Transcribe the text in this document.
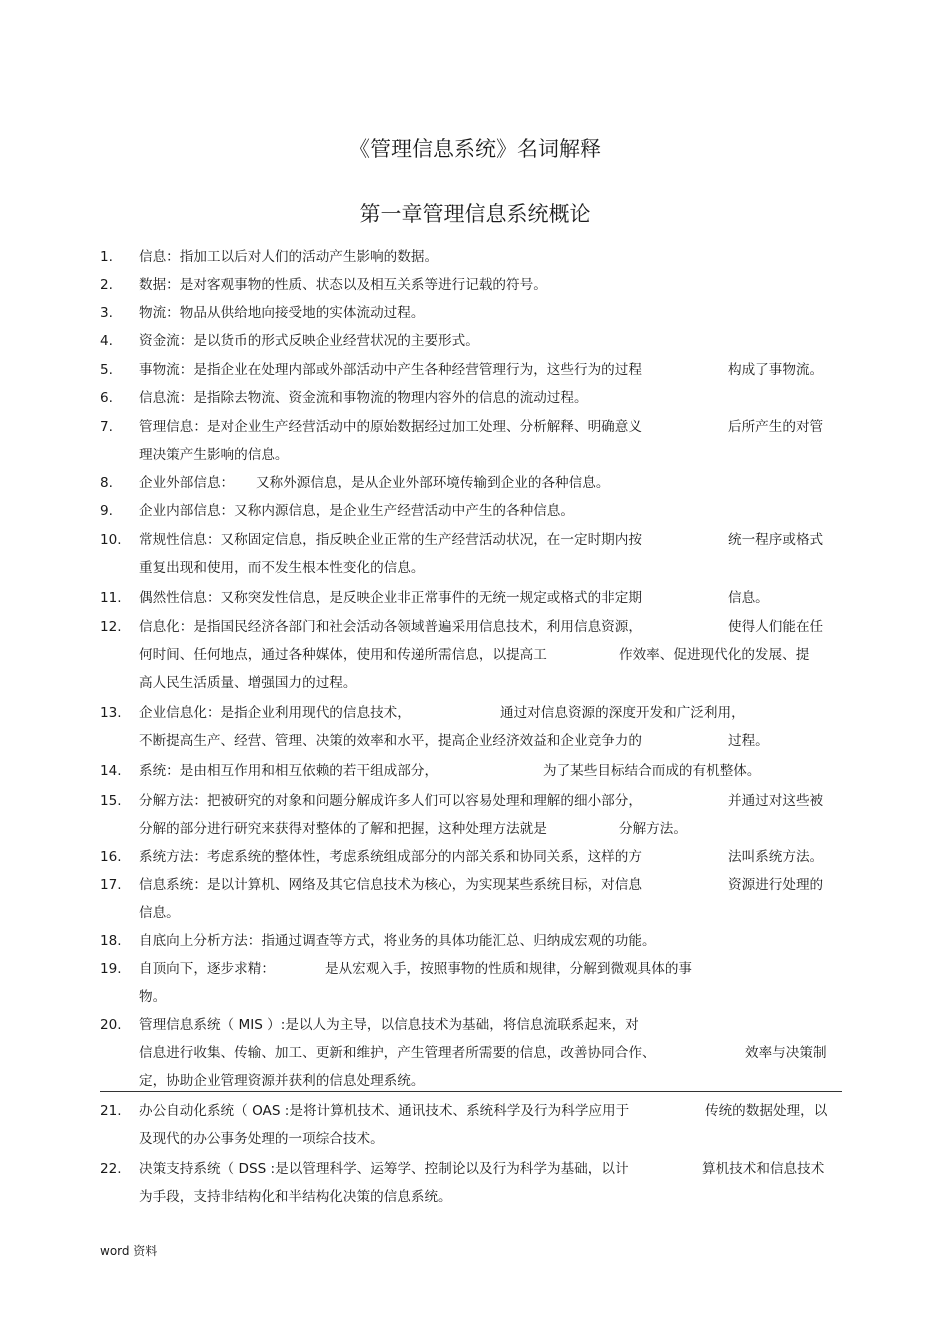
《管理信息系统》名词解释
第一章管理信息系统概论
1.	信息：指加工以后对人们的活动产生影响的数据。
2.	数据：是对客观事物的性质、状态以及相互关系等进行记载的符号。
3.	物流：物品从供给地向接受地的实体流动过程。
4.	资金流：是以货币的形式反映企业经营状况的主要形式。
5.	事物流：是指企业在处理内部或外部活动中产生各种经营管理行为，这些行为的过程	构成了事物流。
6.	信息流：是指除去物流、资金流和事物流的物理内容外的信息的流动过程。
7.	管理信息：是对企业生产经营活动中的原始数据经过加工处理、分析解释、明确意义	后所产生的对管
理决策产生影响的信息。
8.	企业外部信息： 又称外源信息，是从企业外部环境传输到企业的各种信息。
9.	企业内部信息：又称内源信息，是企业生产经营活动中产生的各种信息。
10.	常规性信息：又称固定信息，指反映企业正常的生产经营活动状况，在一定时期内按	统一程序或格式
重复出现和使用，而不发生根本性变化的信息。
11.	偶然性信息：又称突发性信息，是反映企业非正常事件的无统一规定或格式的非定期	信息。
12.	信息化：是指国民经济各部门和社会活动各领域普遍采用信息技术，利用信息资源，	使得人们能在任
何时间、任何地点，通过各种媒体，使用和传递所需信息，以提高工	作效率、促进现代化的发展、提
高人民生活质量、增强国力的过程。
13.	企业信息化：是指企业利用现代的信息技术，	通过对信息资源的深度开发和广泛利用，
不断提高生产、经营、管理、决策的效率和水平，提高企业经济效益和企业竞争力的	过程。
14.	系统：是由相互作用和相互依赖的若干组成部分，	为了某些目标结合而成的有机整体。
15.	分解方法：把被研究的对象和问题分解成许多人们可以容易处理和理解的细小部分，	并通过对这些被
分解的部分进行研究来获得对整体的了解和把握，这种处理方法就是	分解方法。
16.	系统方法：考虑系统的整体性，考虑系统组成部分的内部关系和协同关系，这样的方	法叫系统方法。
17.	信息系统：是以计算机、网络及其它信息技术为核心，为实现某些系统目标，对信息	资源进行处理的
信息。
18.	自底向上分析方法：指通过调查等方式，将业务的具体功能汇总、归纳成宏观的功能。
19.	自顶向下，逐步求精：	是从宏观入手，按照事物的性质和规律，分解到微观具体的事
物。
20.	管理信息系统（ MIS ）:是以人为主导，以信息技术为基础，将信息流联系起来，对
信息进行收集、传输、加工、更新和维护，产生管理者所需要的信息，改善协同合作、	效率与决策制
定，协助企业管理资源并获利的信息处理系统。
21.	办公自动化系统（ OAS :是将计算机技术、通讯技术、系统科学及行为科学应用于	传统的数据处理，以
及现代的办公事务处理的一项综合技术。
22.	决策支持系统（ DSS :是以管理科学、运筹学、控制论以及行为科学为基础，以计	算机技术和信息技术
为手段，支持非结构化和半结构化决策的信息系统。
word 资料
